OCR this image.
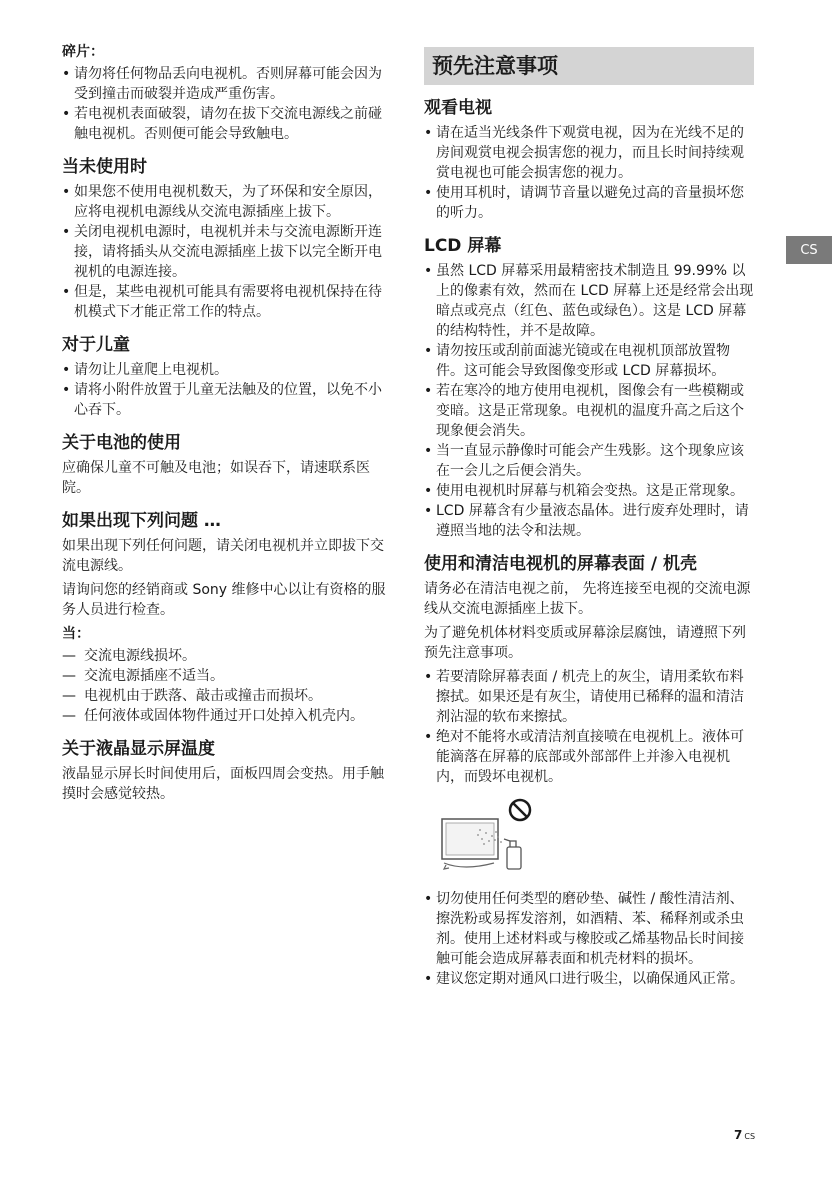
碎片：
• 请勿将任何物品丢向电视机。否则屏幕可能会因为受到撞击而破裂并造成严重伤害。
• 若电视机表面破裂，请勿在拔下交流电源线之前碰触电视机。否则便可能会导致触电。
当未使用时
• 如果您不使用电视机数天，为了环保和安全原因，应将电视机电源线从交流电源插座上拔下。
• 关闭电视机电源时，电视机并未与交流电源断开连接，请将插头从交流电源插座上拔下以完全断开电视机的电源连接。
• 但是，某些电视机可能具有需要将电视机保持在待机模式下才能正常工作的特点。
对于儿童
• 请勿让儿童爬上电视机。
• 请将小附件放置于儿童无法触及的位置，以免不小心吞下。
关于电池的使用

应确保儿童不可触及电池；如误吞下，请速联系医院。

如果出现下列问题 …

如果出现下列任何问题，请关闭电视机并立即拔下交流电源线。

请询问您的经销商或 Sony 维修中心以让有资格的服务人员进行检查。

当：
— 交流电源线损坏。
— 交流电源插座不适当。
— 电视机由于跌落、敲击或撞击而损坏。
— 任何液体或固体物件通过开口处掉入机壳内。
关于液晶显示屏温度

液晶显示屏长时间使用后，面板四周会变热。用手触摸时会感觉较热。

预先注意事项
观看电视
• 请在适当光线条件下观赏电视，因为在光线不足的房间观赏电视会损害您的视力，而且长时间持续观赏电视也可能会损害您的视力。
• 使用耳机时，请调节音量以避免过高的音量损坏您的听力。
LCD 屏幕
• 虽然 LCD 屏幕采用最精密技术制造且 99.99% 以上的像素有效，然而在 LCD 屏幕上还是经常会出现暗点或亮点（红色、蓝色或绿色）。这是 LCD 屏幕的结构特性，并不是故障。
• 请勿按压或刮前面滤光镜或在电视机顶部放置物件。这可能会导致图像变形或 LCD 屏幕损坏。
• 若在寒冷的地方使用电视机，图像会有一些模糊或变暗。这是正常现象。电视机的温度升高之后这个现象便会消失。
• 当一直显示静像时可能会产生残影。这个现象应该在一会儿之后便会消失。
• 使用电视机时屏幕与机箱会变热。这是正常现象。
• LCD 屏幕含有少量液态晶体。进行废弃处理时，请遵照当地的法令和法规。
使用和清洁电视机的屏幕表面 / 机壳

请务必在清洁电视之前， 先将连接至电视的交流电源线从交流电源插座上拔下。

为了避免机体材料变质或屏幕涂层腐蚀，请遵照下列预先注意事项。

• 若要清除屏幕表面 / 机壳上的灰尘，请用柔软布料擦拭。如果还是有灰尘，请使用已稀释的温和清洁剂沾湿的软布来擦拭。
• 绝对不能将水或清洁剂直接喷在电视机上。液体可能滴落在屏幕的底部或外部部件上并渗入电视机内，而毁坏电视机。
• 切勿使用任何类型的磨砂垫、碱性 / 酸性清洁剂、擦洗粉或易挥发溶剂，如酒精、苯、稀释剂或杀虫剂。使用上述材料或与橡胶或乙烯基物品长时间接触可能会造成屏幕表面和机壳材料的损坏。
• 建议您定期对通风口进行吸尘，以确保通风正常。
CS
7 CS
